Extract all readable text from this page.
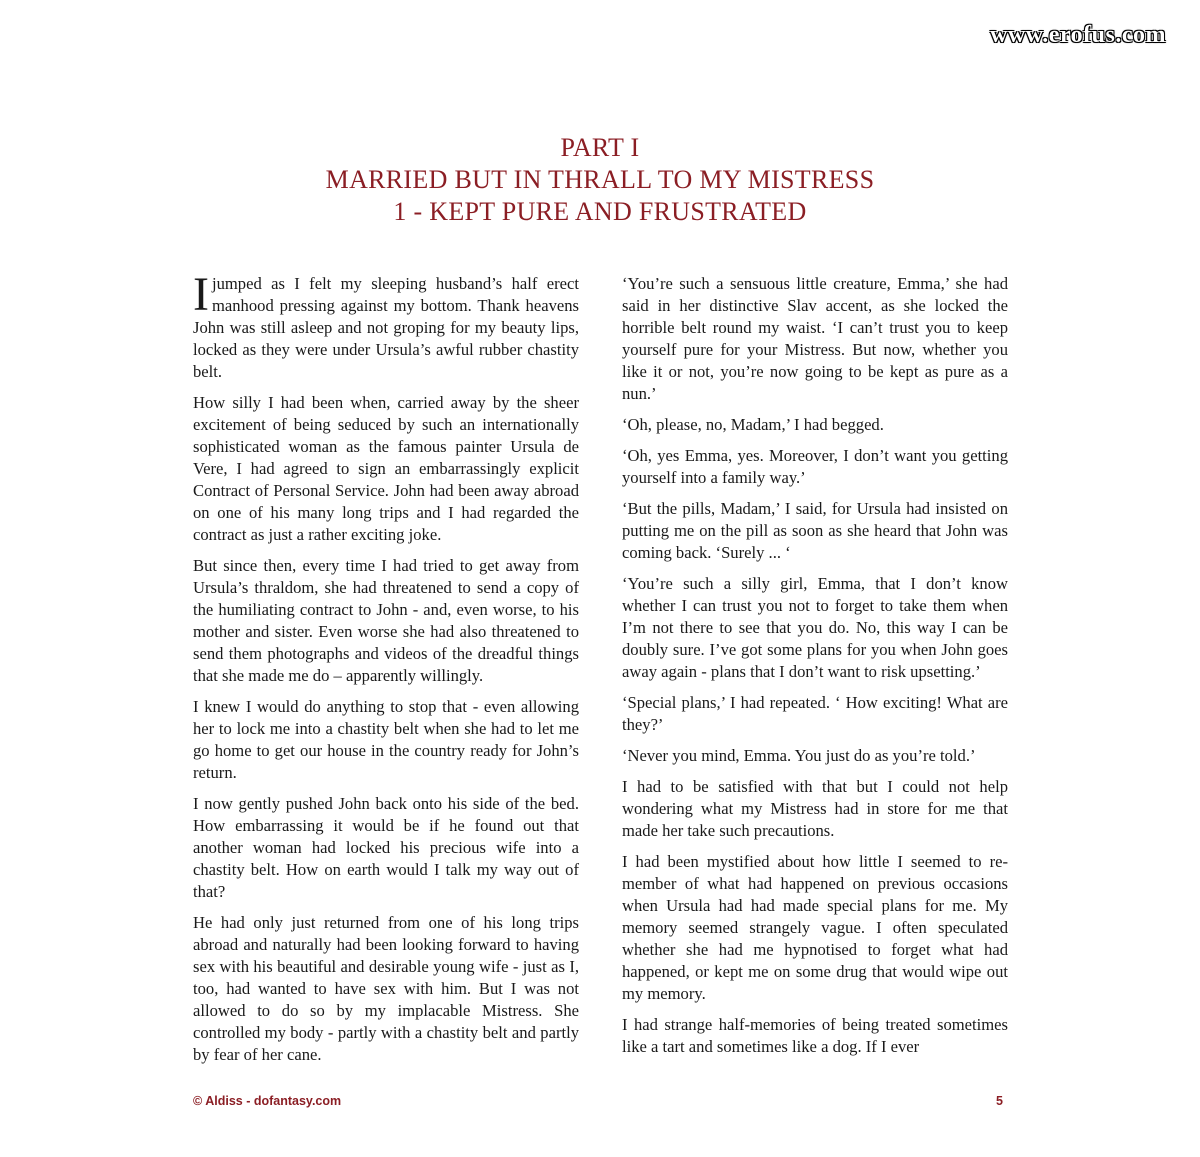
www.erofus.com
PART I
MARRIED BUT IN THRALL TO MY MISTRESS
1 - KEPT PURE AND FRUSTRATED

Ijumped as I felt my sleeping husband’s half erect manhood pressing against my bottom. Thank heavens John was still asleep and not groping for my beauty lips, locked as they were under Ursula’s awful rubber chastity belt.

How silly I had been when, carried away by the sheer excitement of being seduced by such an internationally sophisticated woman as the famous painter Ursula de Vere, I had agreed to sign an embarrassingly explicit Contract of Personal Service. John had been away abroad on one of his many long trips and I had regarded the contract as just a rather exciting joke.

But since then, every time I had tried to get away from Ursula’s thraldom, she had threatened to send a copy of the humiliating contract to John - and, even worse, to his mother and sister. Even worse she had also threatened to send them photographs and videos of the dreadful things that she made me do – apparently willingly.

I knew I would do anything to stop that - even allowing her to lock me into a chastity belt when she had to let me go home to get our house in the country ready for John’s return.

I now gently pushed John back onto his side of the bed. How embarrassing it would be if he found out that another woman had locked his precious wife into a chastity belt. How on earth would I talk my way out of that?

He had only just returned from one of his long trips abroad and naturally had been looking forward to having sex with his beautiful and desirable young wife - just as I, too, had wanted to have sex with him. But I was not allowed to do so by my implacable Mistress. She controlled my body - partly with a chastity belt and partly by fear of her cane.

‘You’re such a sensuous little creature, Emma,’ she had said in her distinctive Slav accent, as she locked the horrible belt round my waist. ‘I can’t trust you to keep yourself pure for your Mistress. But now, whether you like it or not, you’re now going to be kept as pure as a nun.’

‘Oh, please, no, Madam,’ I had begged.

‘Oh, yes Emma, yes. Moreover, I don’t want you getting yourself into a family way.’

‘But the pills, Madam,’ I said, for Ursula had insisted on putting me on the pill as soon as she heard that John was coming back. ‘Surely ... ‘

‘You’re such a silly girl, Emma, that I don’t know whether I can trust you not to forget to take them when I’m not there to see that you do. No, this way I can be doubly sure. I’ve got some plans for you when John goes away again - plans that I don’t want to risk upsetting.’

‘Special plans,’ I had repeated. ‘ How exciting! What are they?’

‘Never you mind, Emma. You just do as you’re told.’

I had to be satisfied with that but I could not help wondering what my Mistress had in store for me that made her take such precautions.

I had been mystified about how little I seemed to remember of what had happened on previous occasions when Ursula had had made special plans for me. My memory seemed strangely vague. I often speculated whether she had me hypnotised to forget what had happened, or kept me on some drug that would wipe out my memory.

I had strange half-memories of being treated sometimes like a tart and sometimes like a dog. If I ever

© Aldiss - dofantasy.com	5
